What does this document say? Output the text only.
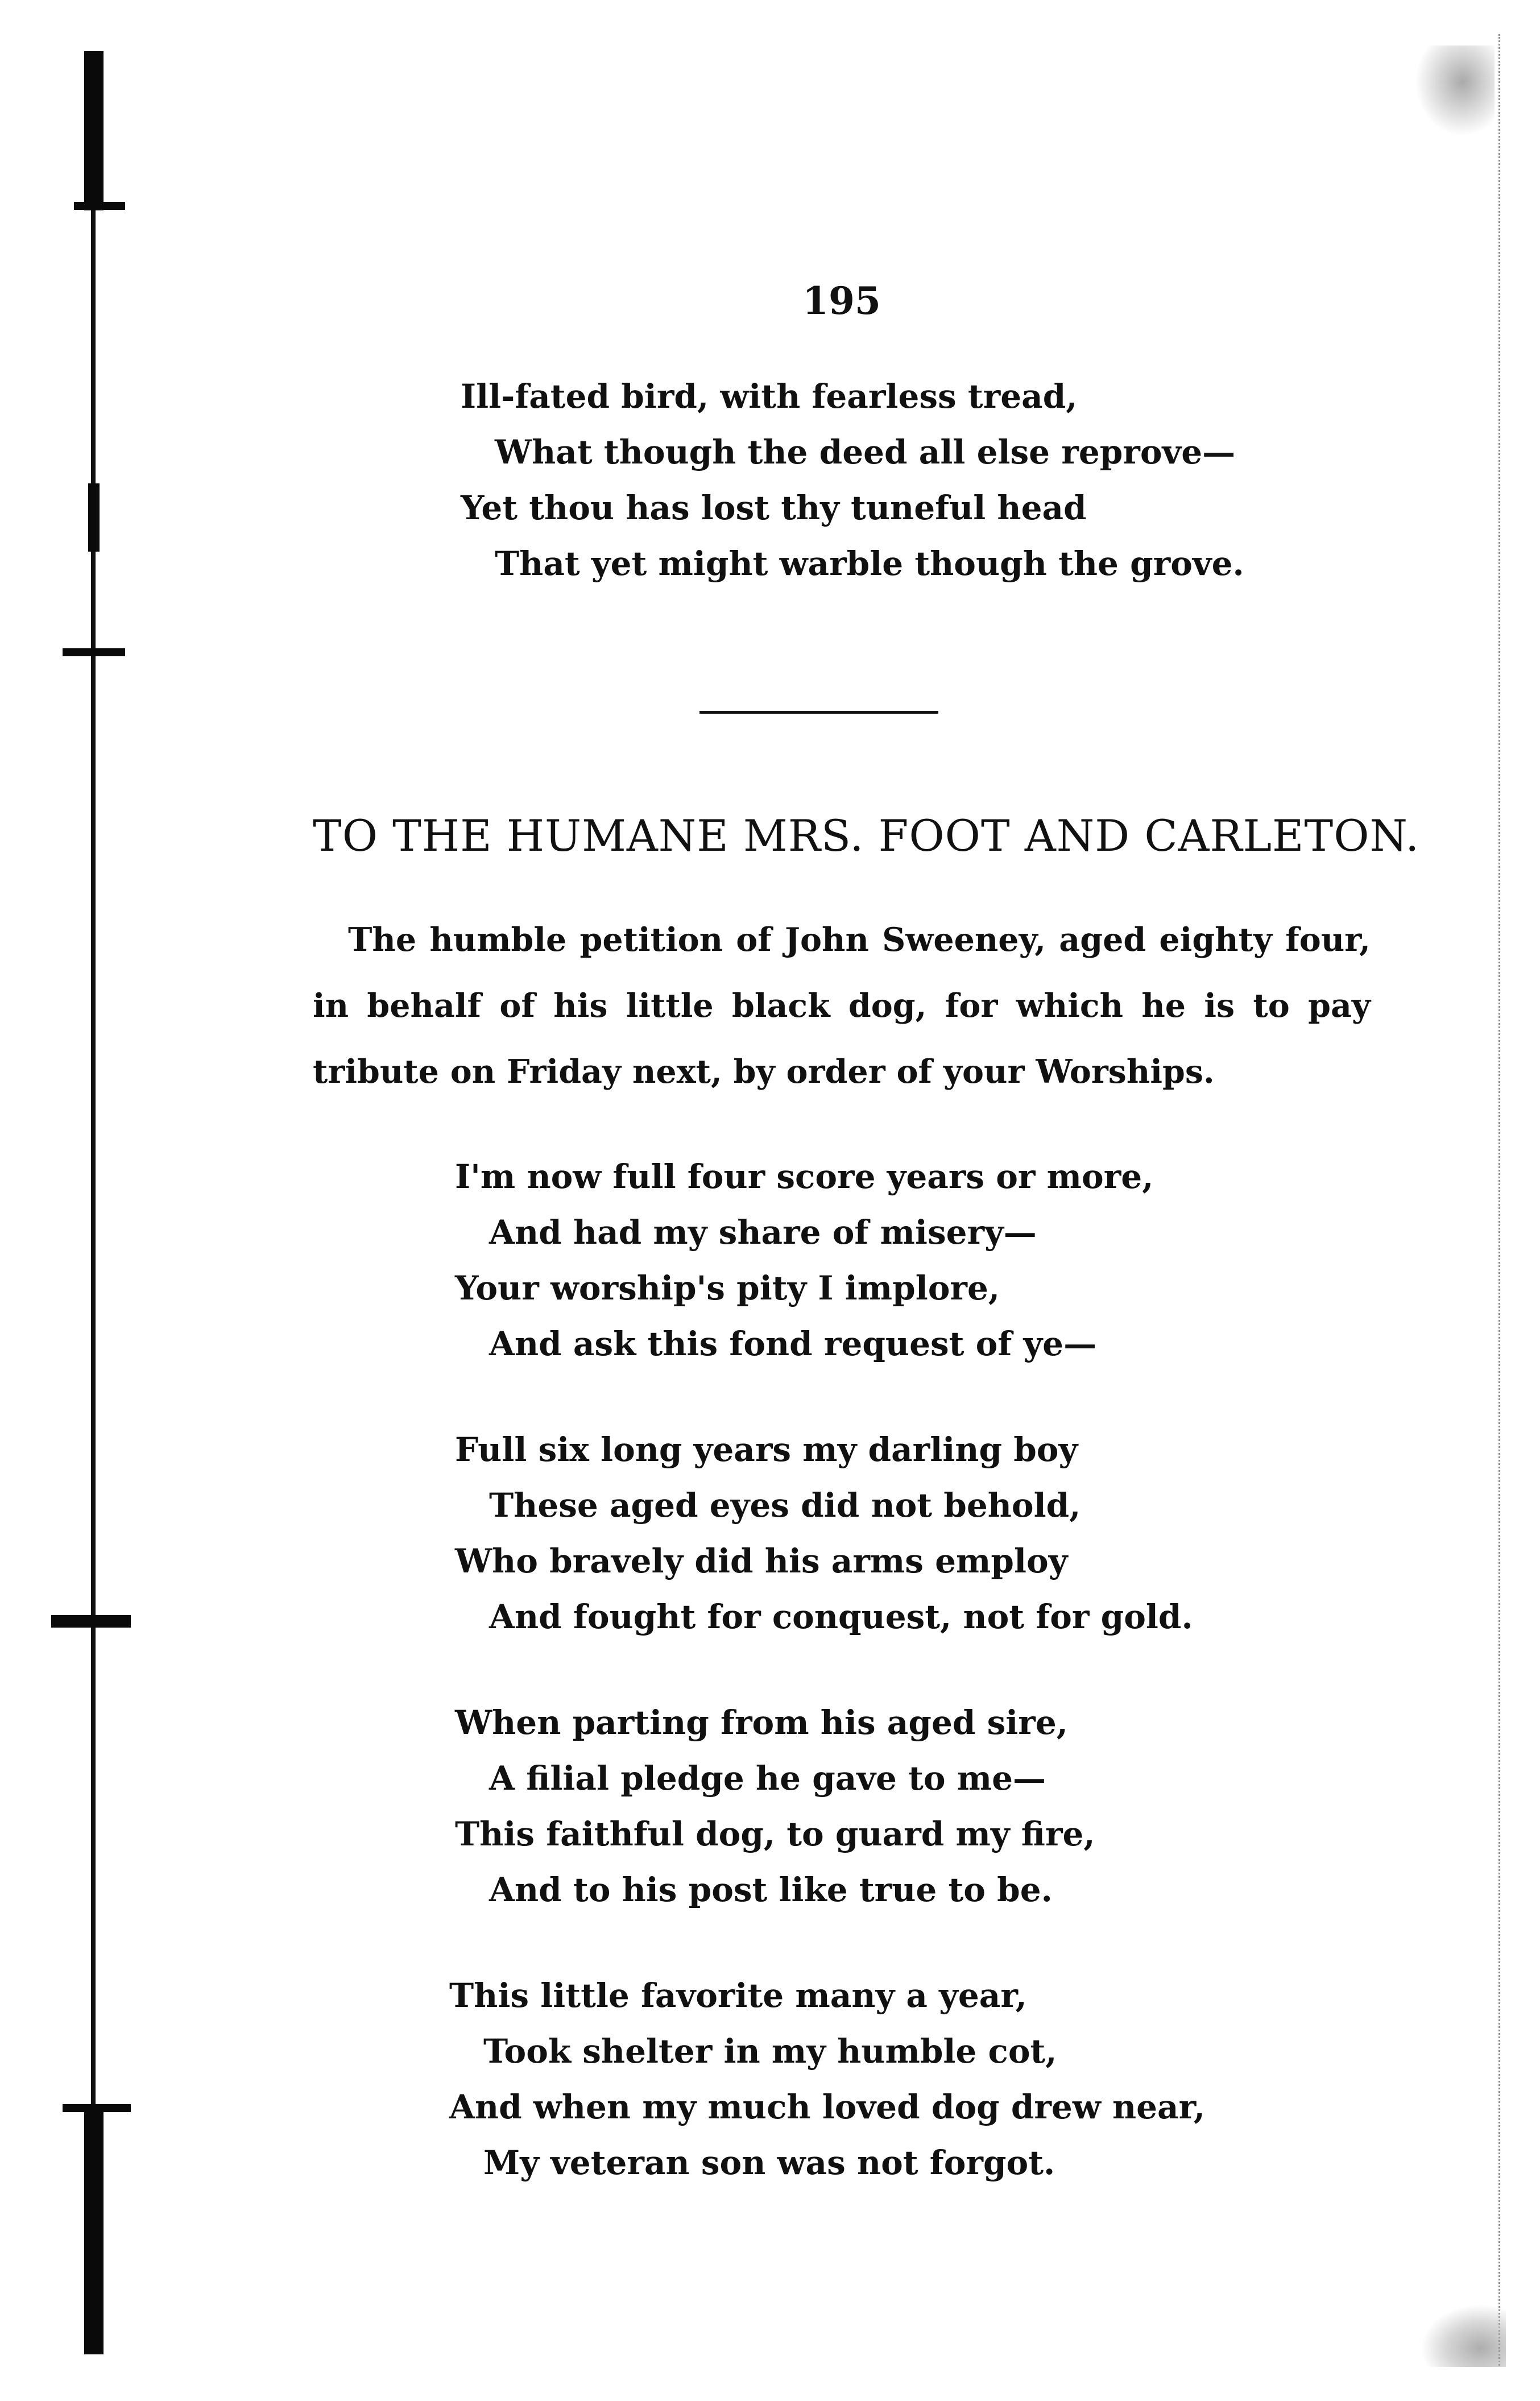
195
Ill-fated bird, with fearless tread,
What though the deed all else reprove—
Yet thou has lost thy tuneful head
That yet might warble though the grove.
TO THE HUMANE MRS. FOOT AND CARLETON.
The humble petition of John Sweeney, aged eighty four, in behalf of his little black dog, for which he is to pay tribute on Friday next, by order of your Worships.
I'm now full four score years or more,
And had my share of misery—
Your worship's pity I implore,
And ask this fond request of ye—
Full six long years my darling boy
These aged eyes did not behold,
Who bravely did his arms employ
And fought for conquest, not for gold.
When parting from his aged sire,
A filial pledge he gave to me—
This faithful dog, to guard my fire,
And to his post like true to be.
This little favorite many a year,
Took shelter in my humble cot,
And when my much loved dog drew near,
My veteran son was not forgot.
